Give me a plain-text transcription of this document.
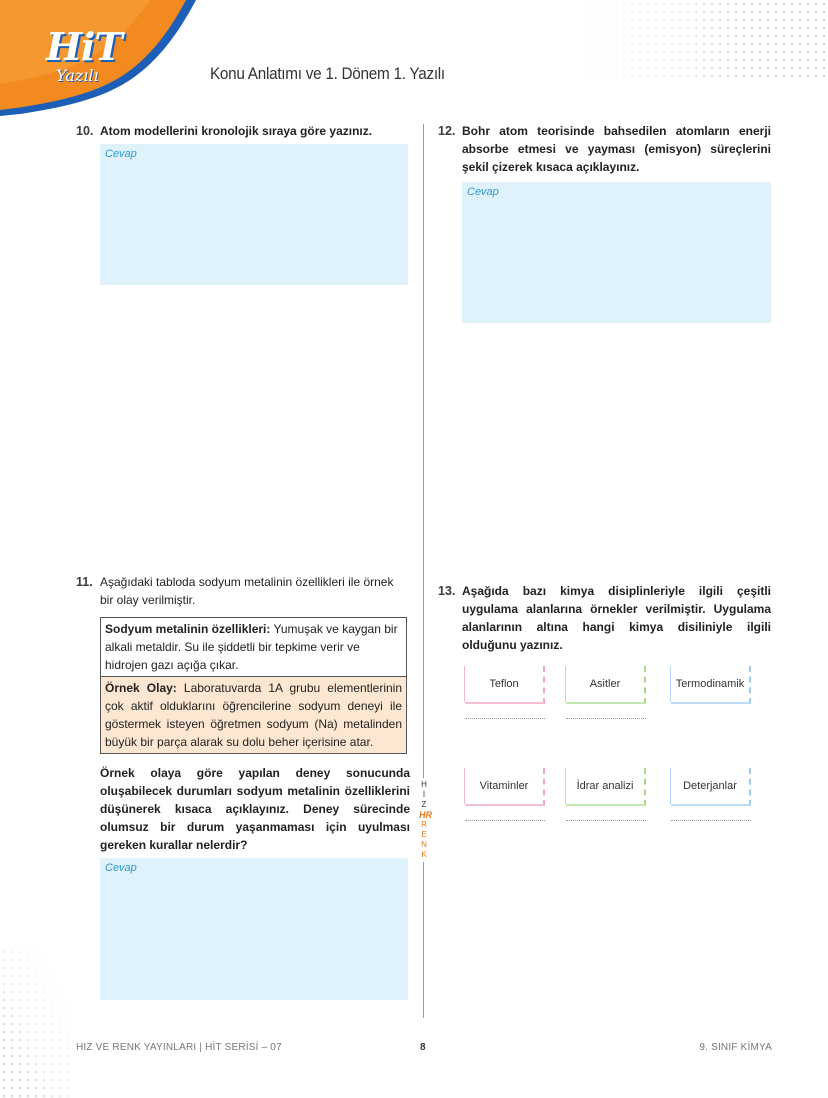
HiT
Yazılı	Konu Anlatımı ve 1. Dönem 1. Yazılı
H
I
Z
HR
R
E
N
K
10. Atom modellerini kronolojik sıraya göre yazınız.
Cevap
11. Aşağıdaki tabloda sodyum metalinin özellikleri ile örnek bir olay verilmiştir.
Sodyum metalinin özellikleri: Yumuşak ve kaygan bir alkali metaldir. Su ile şiddetli bir tepkime verir ve hidrojen gazı açığa çıkar.
Örnek Olay: Laboratuvarda 1A grubu elementlerinin çok aktif olduklarını öğrencilerine sodyum deneyi ile göstermek isteyen öğretmen sodyum (Na) metalinden büyük bir parça alarak su dolu beher içerisine atar.
Örnek olaya göre yapılan deney sonucunda oluşabilecek durumları sodyum metalinin özelliklerini düşünerek kısaca açıklayınız. Deney sürecinde olumsuz bir durum yaşanmaması için uyulması gereken kurallar nelerdir?
Cevap
12. Bohr atom teorisinde bahsedilen atomların enerji absorbe etmesi ve yayması (emisyon) süreçlerini şekil çizerek kısaca açıklayınız.
Cevap
13. Aşağıda bazı kimya disiplinleriyle ilgili çeşitli uygulama alanlarına örnekler verilmiştir. Uygulama alanlarının altına hangi kimya disiliniyle ilgili olduğunu yazınız.
Teflon	Asitler	Termodinamik
Vitaminler	İdrar analizi	Deterjanlar
HIZ VE RENK YAYINLARI | HİT SERİSİ – 07	8	9. SINIF KİMYA
